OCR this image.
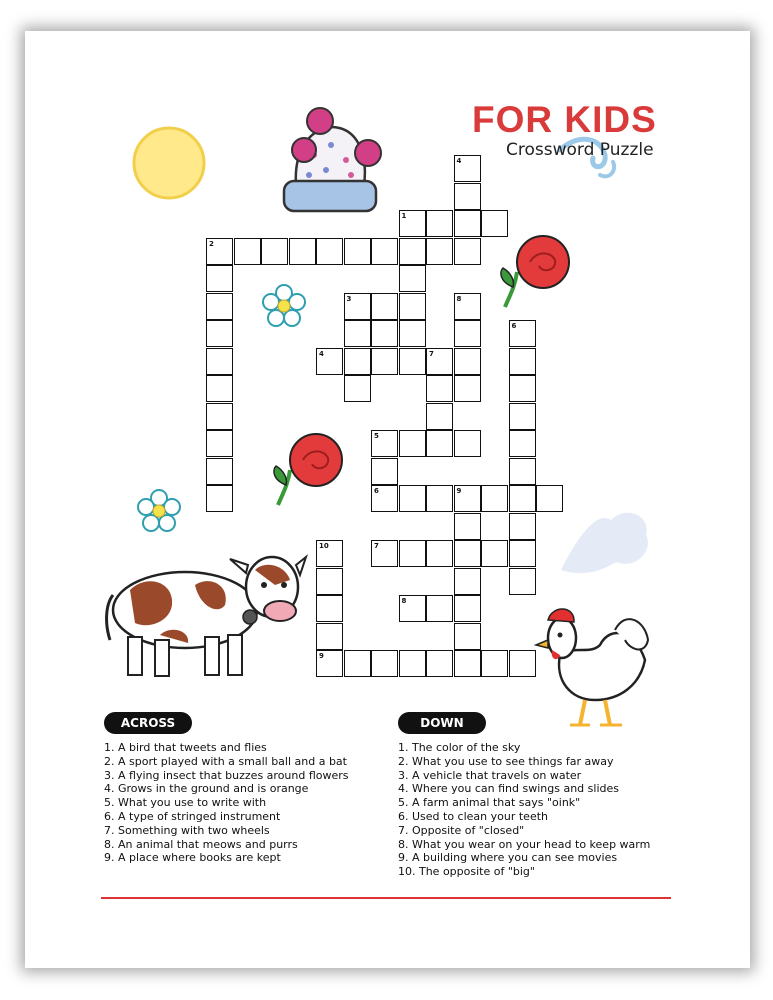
FOR KIDS
Crossword Puzzle
4
1
2
3	8
6
4	7
5
6	9
10	7
8
9
ACROSS	DOWN
1. A bird that tweets and flies
2. A sport played with a small ball and a bat
3. A flying insect that buzzes around flowers
4. Grows in the ground and is orange
5. What you use to write with
6. A type of stringed instrument
7. Something with two wheels
8. An animal that meows and purrs
9. A place where books are kept
1. The color of the sky
2. What you use to see things far away
3. A vehicle that travels on water
4. Where you can find swings and slides
5. A farm animal that says "oink"
6. Used to clean your teeth
7. Opposite of "closed"
8. What you wear on your head to keep warm
9. A building where you can see movies
10. The opposite of "big"
